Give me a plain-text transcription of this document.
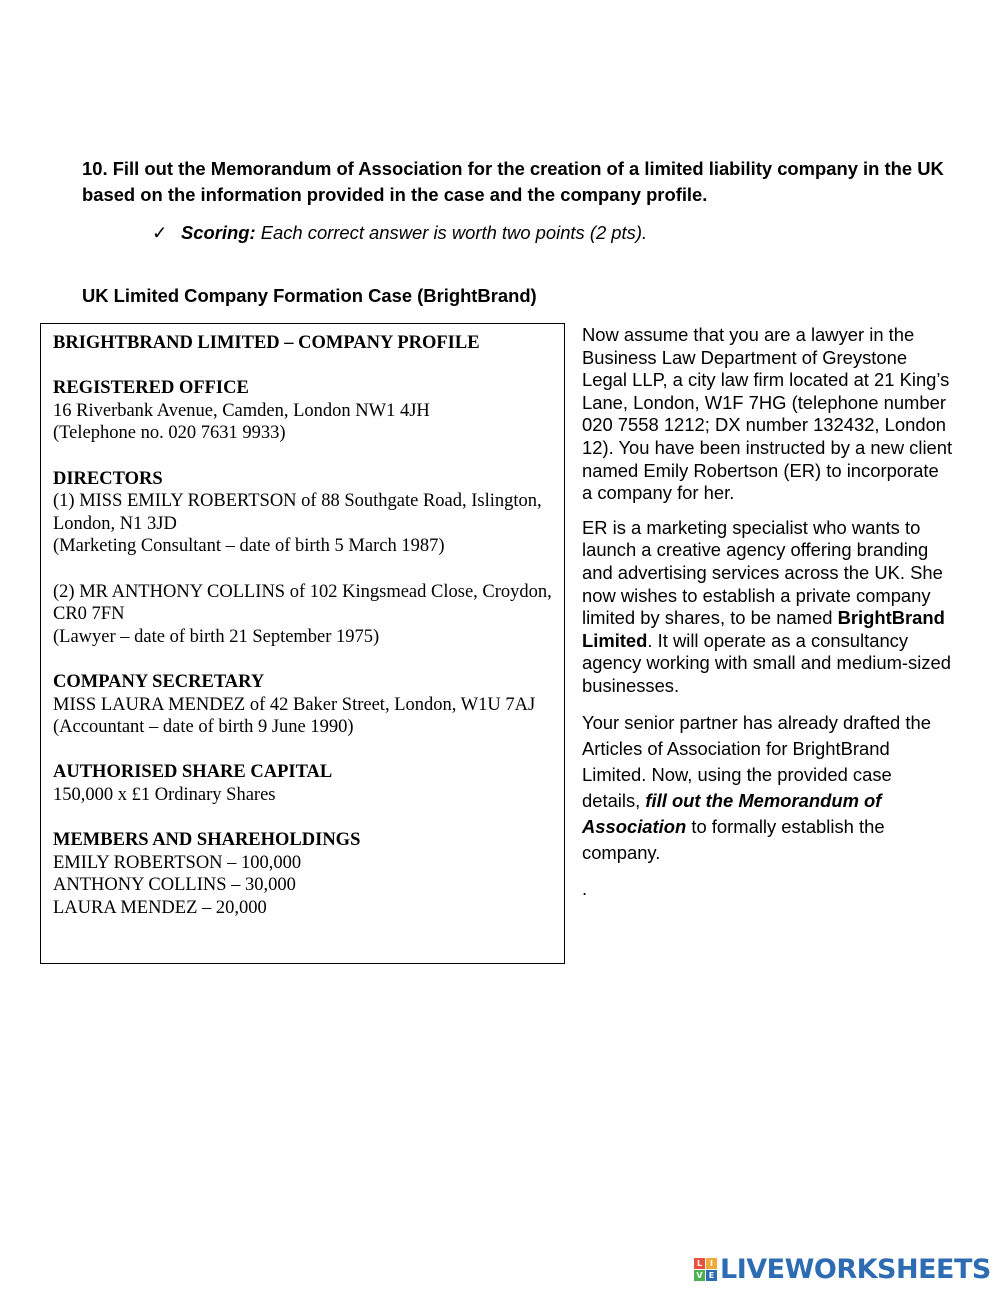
10. Fill out the Memorandum of Association for the creation of a limited liability company in the UK based on the information provided in the case and the company profile.

✓ Scoring: Each correct answer is worth two points (2 pts).
UK Limited Company Formation Case (BrightBrand)
BRIGHTBRAND LIMITED – COMPANY PROFILE
REGISTERED OFFICE

16 Riverbank Avenue, Camden, London NW1 4JH

(Telephone no. 020 7631 9933)

DIRECTORS

(1) MISS EMILY ROBERTSON of 88 Southgate Road, Islington, London, N1 3JD

(Marketing Consultant – date of birth 5 March 1987)

(2) MR ANTHONY COLLINS of 102 Kingsmead Close, Croydon, CR0 7FN

(Lawyer – date of birth 21 September 1975)

COMPANY SECRETARY

MISS LAURA MENDEZ of 42 Baker Street, London, W1U 7AJ

(Accountant – date of birth 9 June 1990)

AUTHORISED SHARE CAPITAL

150,000 x £1 Ordinary Shares

MEMBERS AND SHAREHOLDINGS

EMILY ROBERTSON – 100,000

ANTHONY COLLINS – 30,000

LAURA MENDEZ – 20,000

Now assume that you are a lawyer in the Business Law Department of Greystone Legal LLP, a city law firm located at 21 King’s Lane, London, W1F 7HG (telephone number 020 7558 1212; DX number 132432, London 12). You have been instructed by a new client named Emily Robertson (ER) to incorporate a company for her.

ER is a marketing specialist who wants to launch a creative agency offering branding and advertising services across the UK. She now wishes to establish a private company limited by shares, to be named BrightBrand Limited. It will operate as a consultancy agency working with small and medium-sized businesses.

Your senior partner has already drafted the Articles of Association for BrightBrand Limited. Now, using the provided case details, fill out the Memorandum of Association to formally establish the company.

.

L I
V E LIVEWORKSHEETS
